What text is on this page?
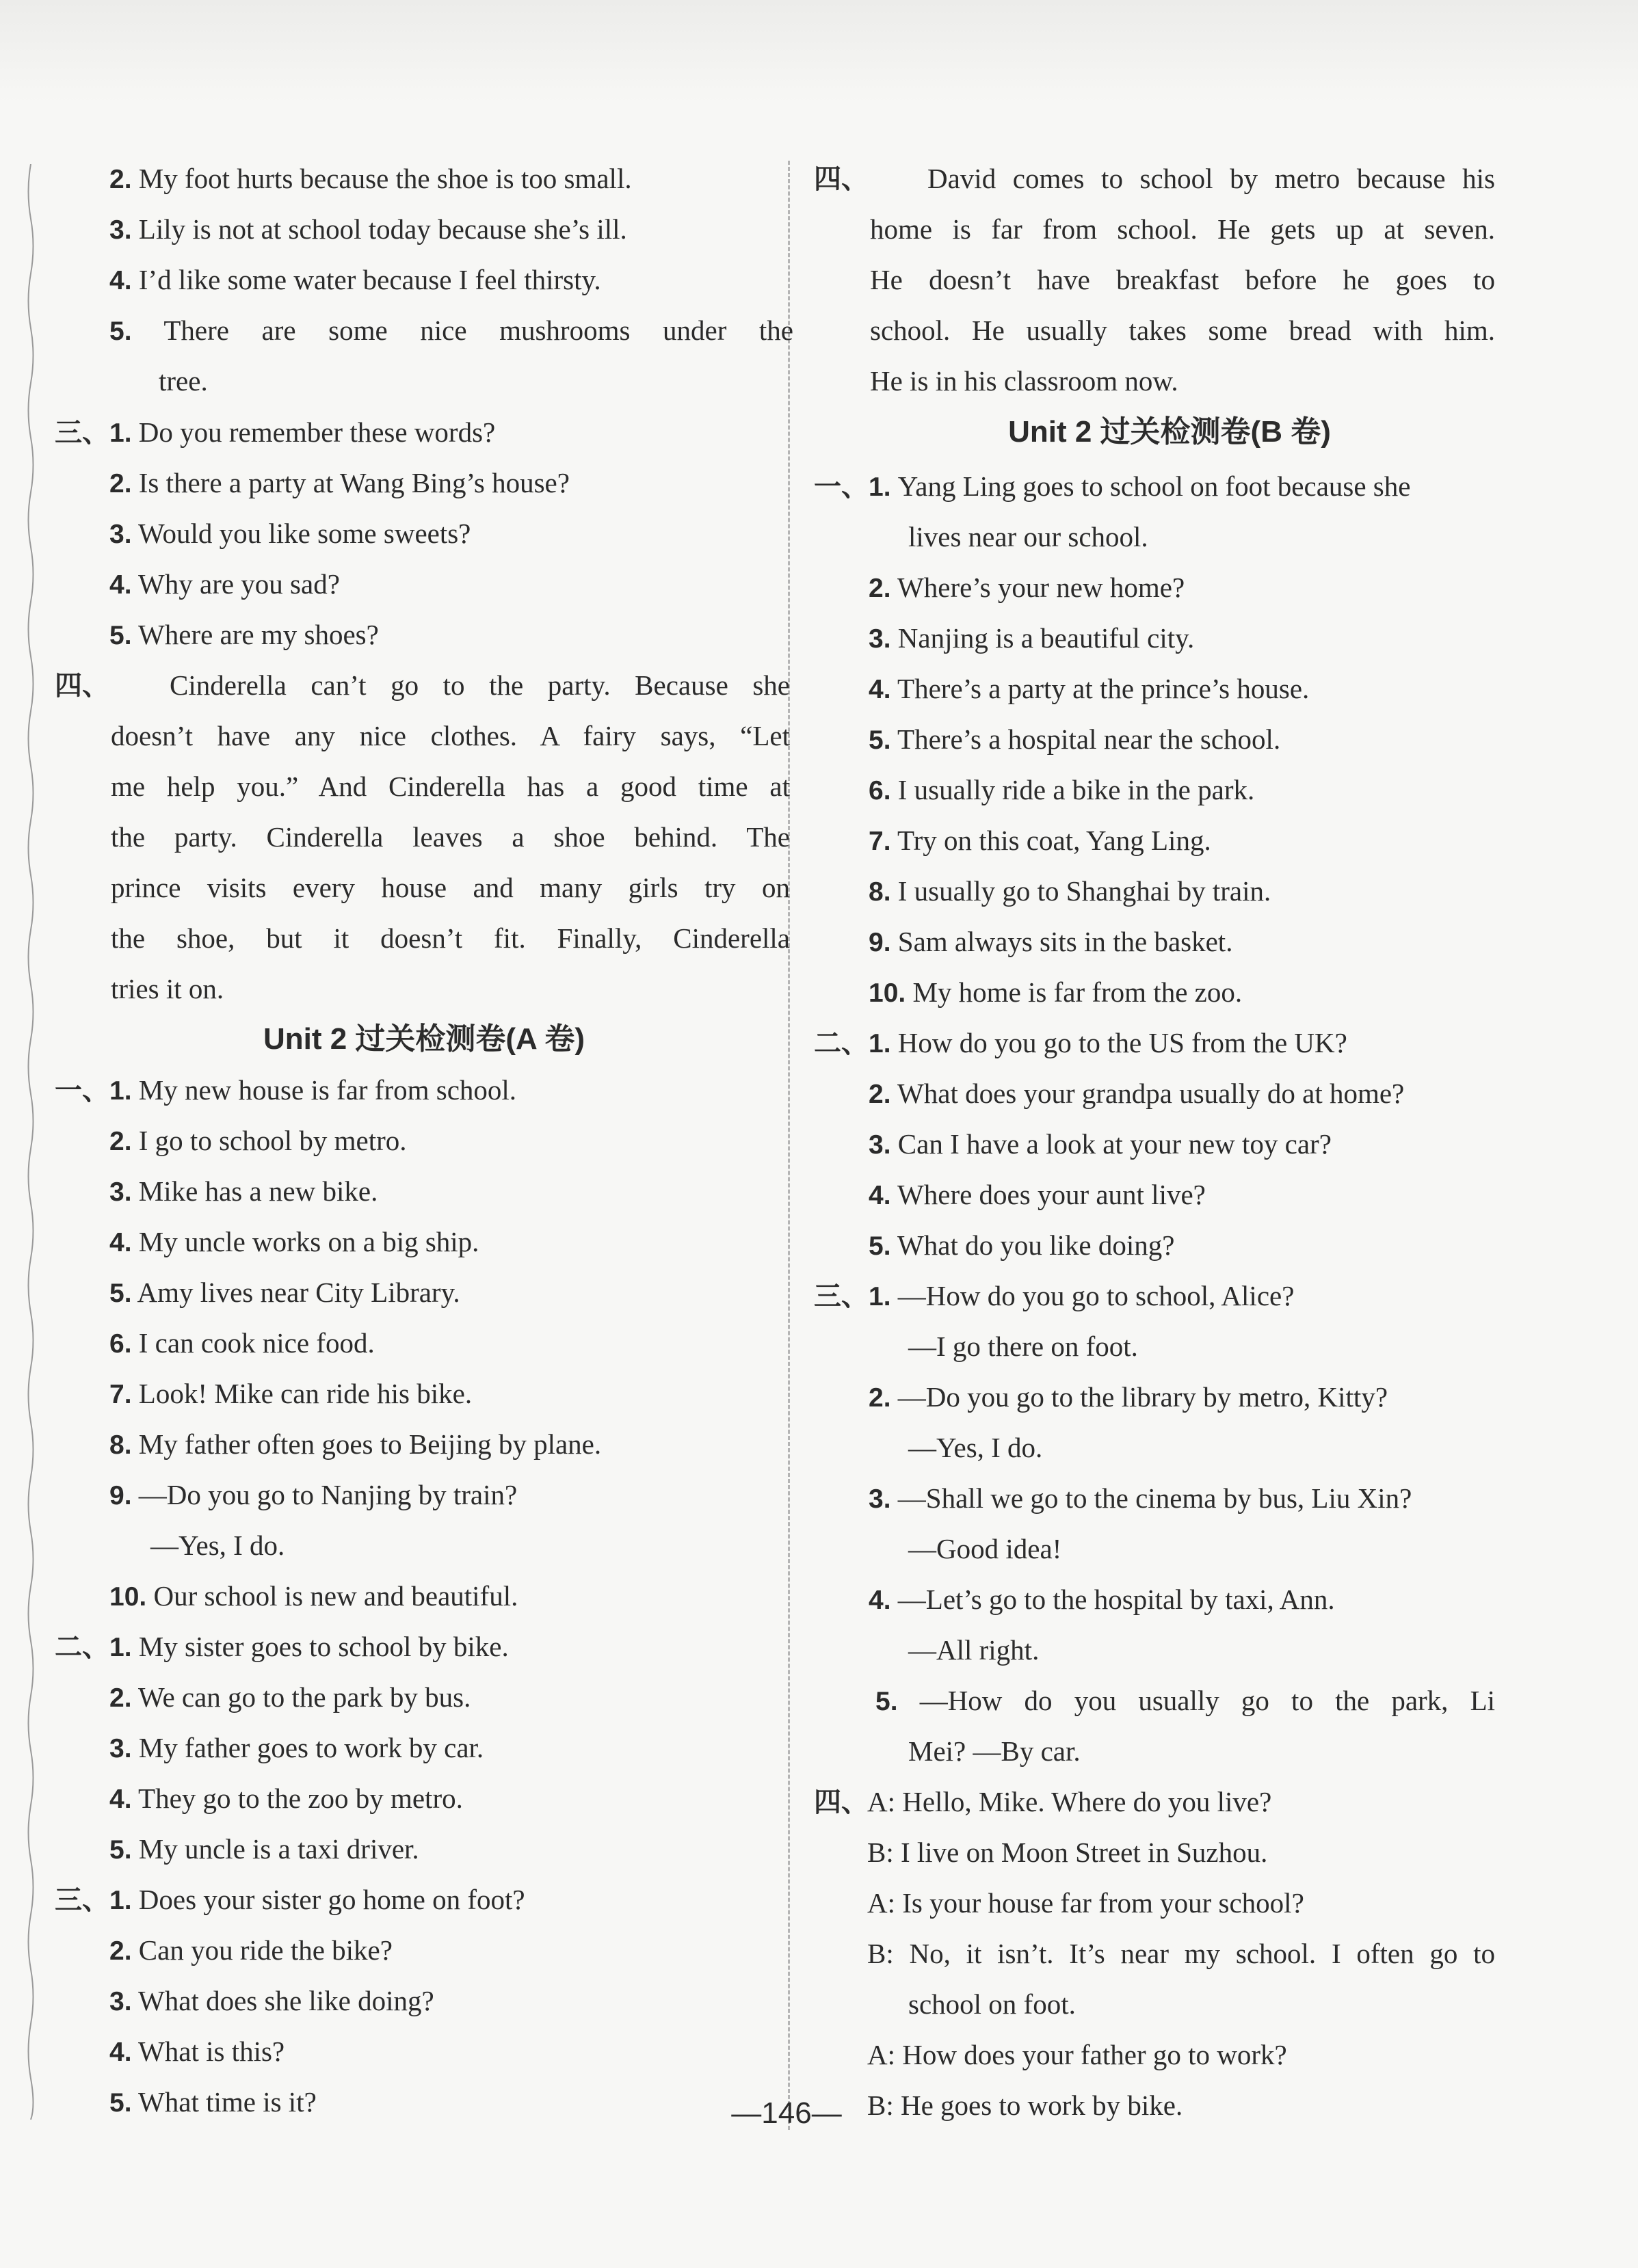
2. My foot hurts because the shoe is too small.
3. Lily is not at school today because she’s ill.
4. I’d like some water because I feel thirsty.
5. There are some nice mushrooms under the
tree.
三、1. Do you remember these words?
2. Is there a party at Wang Bing’s house?
3. Would you like some sweets?
4. Why are you sad?
5. Where are my shoes?
四、 Cinderella can’t go to the party. Because she
doesn’t have any nice clothes. A fairy says, “Let
me help you.” And Cinderella has a good time at
the party. Cinderella leaves a shoe behind. The
prince visits every house and many girls try on
the shoe, but it doesn’t fit. Finally, Cinderella
tries it on.
Unit 2 过关检测卷(A 卷)
一、1. My new house is far from school.
2. I go to school by metro.
3. Mike has a new bike.
4. My uncle works on a big ship.
5. Amy lives near City Library.
6. I can cook nice food.
7. Look! Mike can ride his bike.
8. My father often goes to Beijing by plane.
9. —Do you go to Nanjing by train?
—Yes, I do.
10. Our school is new and beautiful.
二、1. My sister goes to school by bike.
2. We can go to the park by bus.
3. My father goes to work by car.
4. They go to the zoo by metro.
5. My uncle is a taxi driver.
三、1. Does your sister go home on foot?
2. Can you ride the bike?
3. What does she like doing?
4. What is this?
5. What time is it?
四、 David comes to school by metro because his
home is far from school. He gets up at seven.
He doesn’t have breakfast before he goes to
school. He usually takes some bread with him.
He is in his classroom now.
Unit 2 过关检测卷(B 卷)
一、1. Yang Ling goes to school on foot because she
lives near our school.
2. Where’s your new home?
3. Nanjing is a beautiful city.
4. There’s a party at the prince’s house.
5. There’s a hospital near the school.
6. I usually ride a bike in the park.
7. Try on this coat, Yang Ling.
8. I usually go to Shanghai by train.
9. Sam always sits in the basket.
10. My home is far from the zoo.
二、1. How do you go to the US from the UK?
2. What does your grandpa usually do at home?
3. Can I have a look at your new toy car?
4. Where does your aunt live?
5. What do you like doing?
三、1. —How do you go to school, Alice?
—I go there on foot.
2. —Do you go to the library by metro, Kitty?
—Yes, I do.
3. —Shall we go to the cinema by bus, Liu Xin?
—Good idea!
4. —Let’s go to the hospital by taxi, Ann.
—All right.
5. —How do you usually go to the park, Li
Mei? —By car.
四、
A: Hello, Mike. Where do you live?
B: I live on Moon Street in Suzhou.
A: Is your house far from your school?
B: No, it isn’t. It’s near my school. I often go to
school on foot.
A: How does your father go to work?
B: He goes to work by bike.
—146—
